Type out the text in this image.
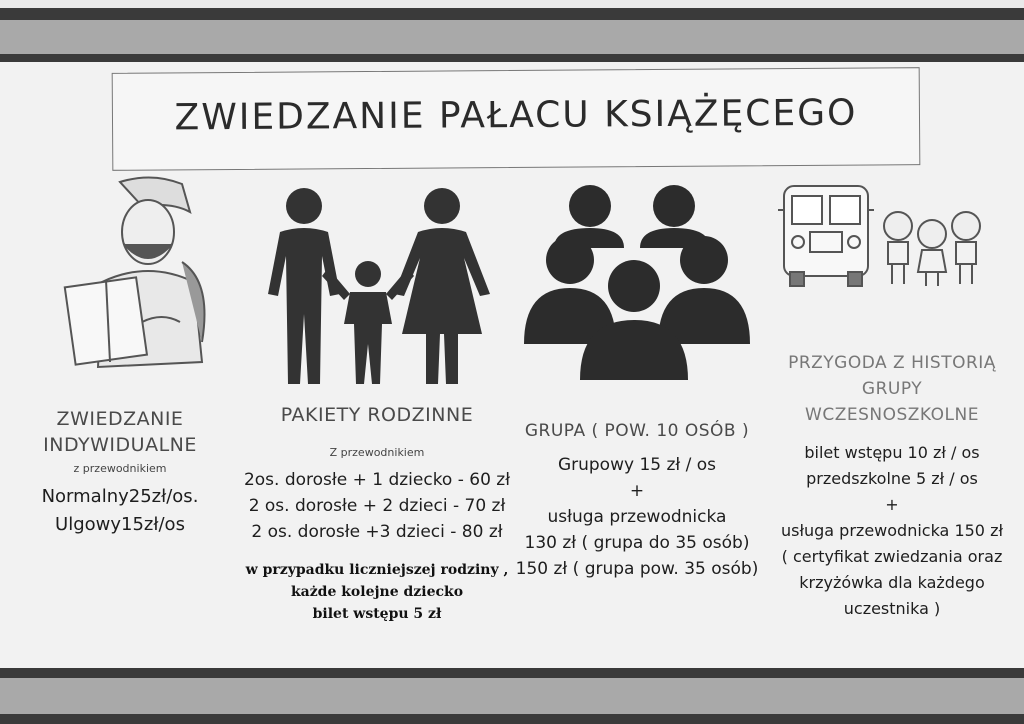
ZWIEDZANIE PAŁACU KSIĄŻĘCEGO
ZWIEDZANIE
INDYWIDUALNE
z przewodnikiem
Normalny25zł/os.
Ulgowy15zł/os
PAKIETY RODZINNE
Z przewodnikiem
2os. dorosłe + 1 dziecko - 60 zł
2 os. dorosłe + 2 dzieci - 70 zł
2 os. dorosłe +3 dzieci - 80 zł
w przypadku liczniejszej rodziny ,
każde kolejne dziecko
bilet wstępu 5 zł
GRUPA ( POW. 10 OSÓB )
Grupowy 15 zł / os
+
usługa przewodnicka
130 zł ( grupa do 35 osób)
150 zł ( grupa pow. 35 osób)
PRZYGODA Z HISTORIĄ
GRUPY
WCZESNOSZKOLNE
bilet wstępu 10 zł / os
przedszkolne 5 zł / os
+
usługa przewodnicka 150 zł
( certyfikat zwiedzania oraz
krzyżówka dla każdego
uczestnika )
